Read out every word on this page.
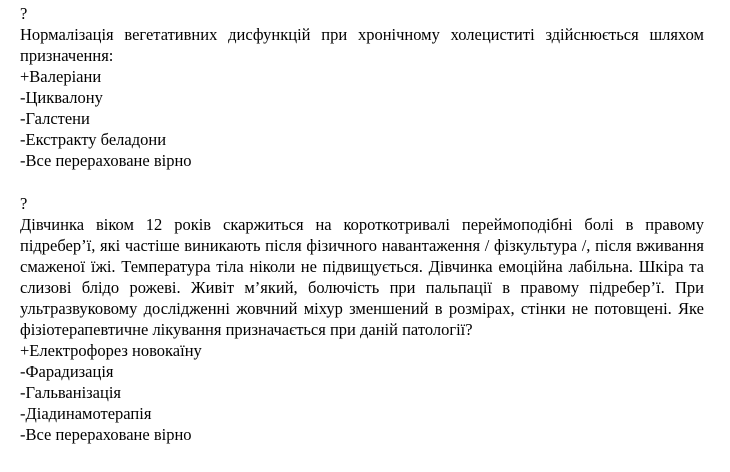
?
Нормалізація вегетативних дисфункцій при хронічному холециститі здійснюється шляхом призначення:
+Валеріани
-Циквалону
-Галстени
-Екстракту беладони
-Все перераховане вірно
?
Дівчинка віком 12 років скаржиться на короткотривалі переймоподібні болі в правому підребер’ї, які частіше виникають після фізичного навантаження / фізкультура /, після вживання смаженої їжі. Температура тіла ніколи не підвищується. Дівчинка емоційна лабільна. Шкіра та слизові блідо рожеві. Живіт м’який, болючість при пальпації в правому підребер’ї. При ультразвуковому дослідженні жовчний міхур зменшений в розмірах, стінки не потовщені. Яке фізіотерапевтичне лікування призначається при даній патології?
+Електрофорез новокаїну
-Фарадизація
-Гальванізація
-Діадинамотерапія
-Все перераховане вірно
